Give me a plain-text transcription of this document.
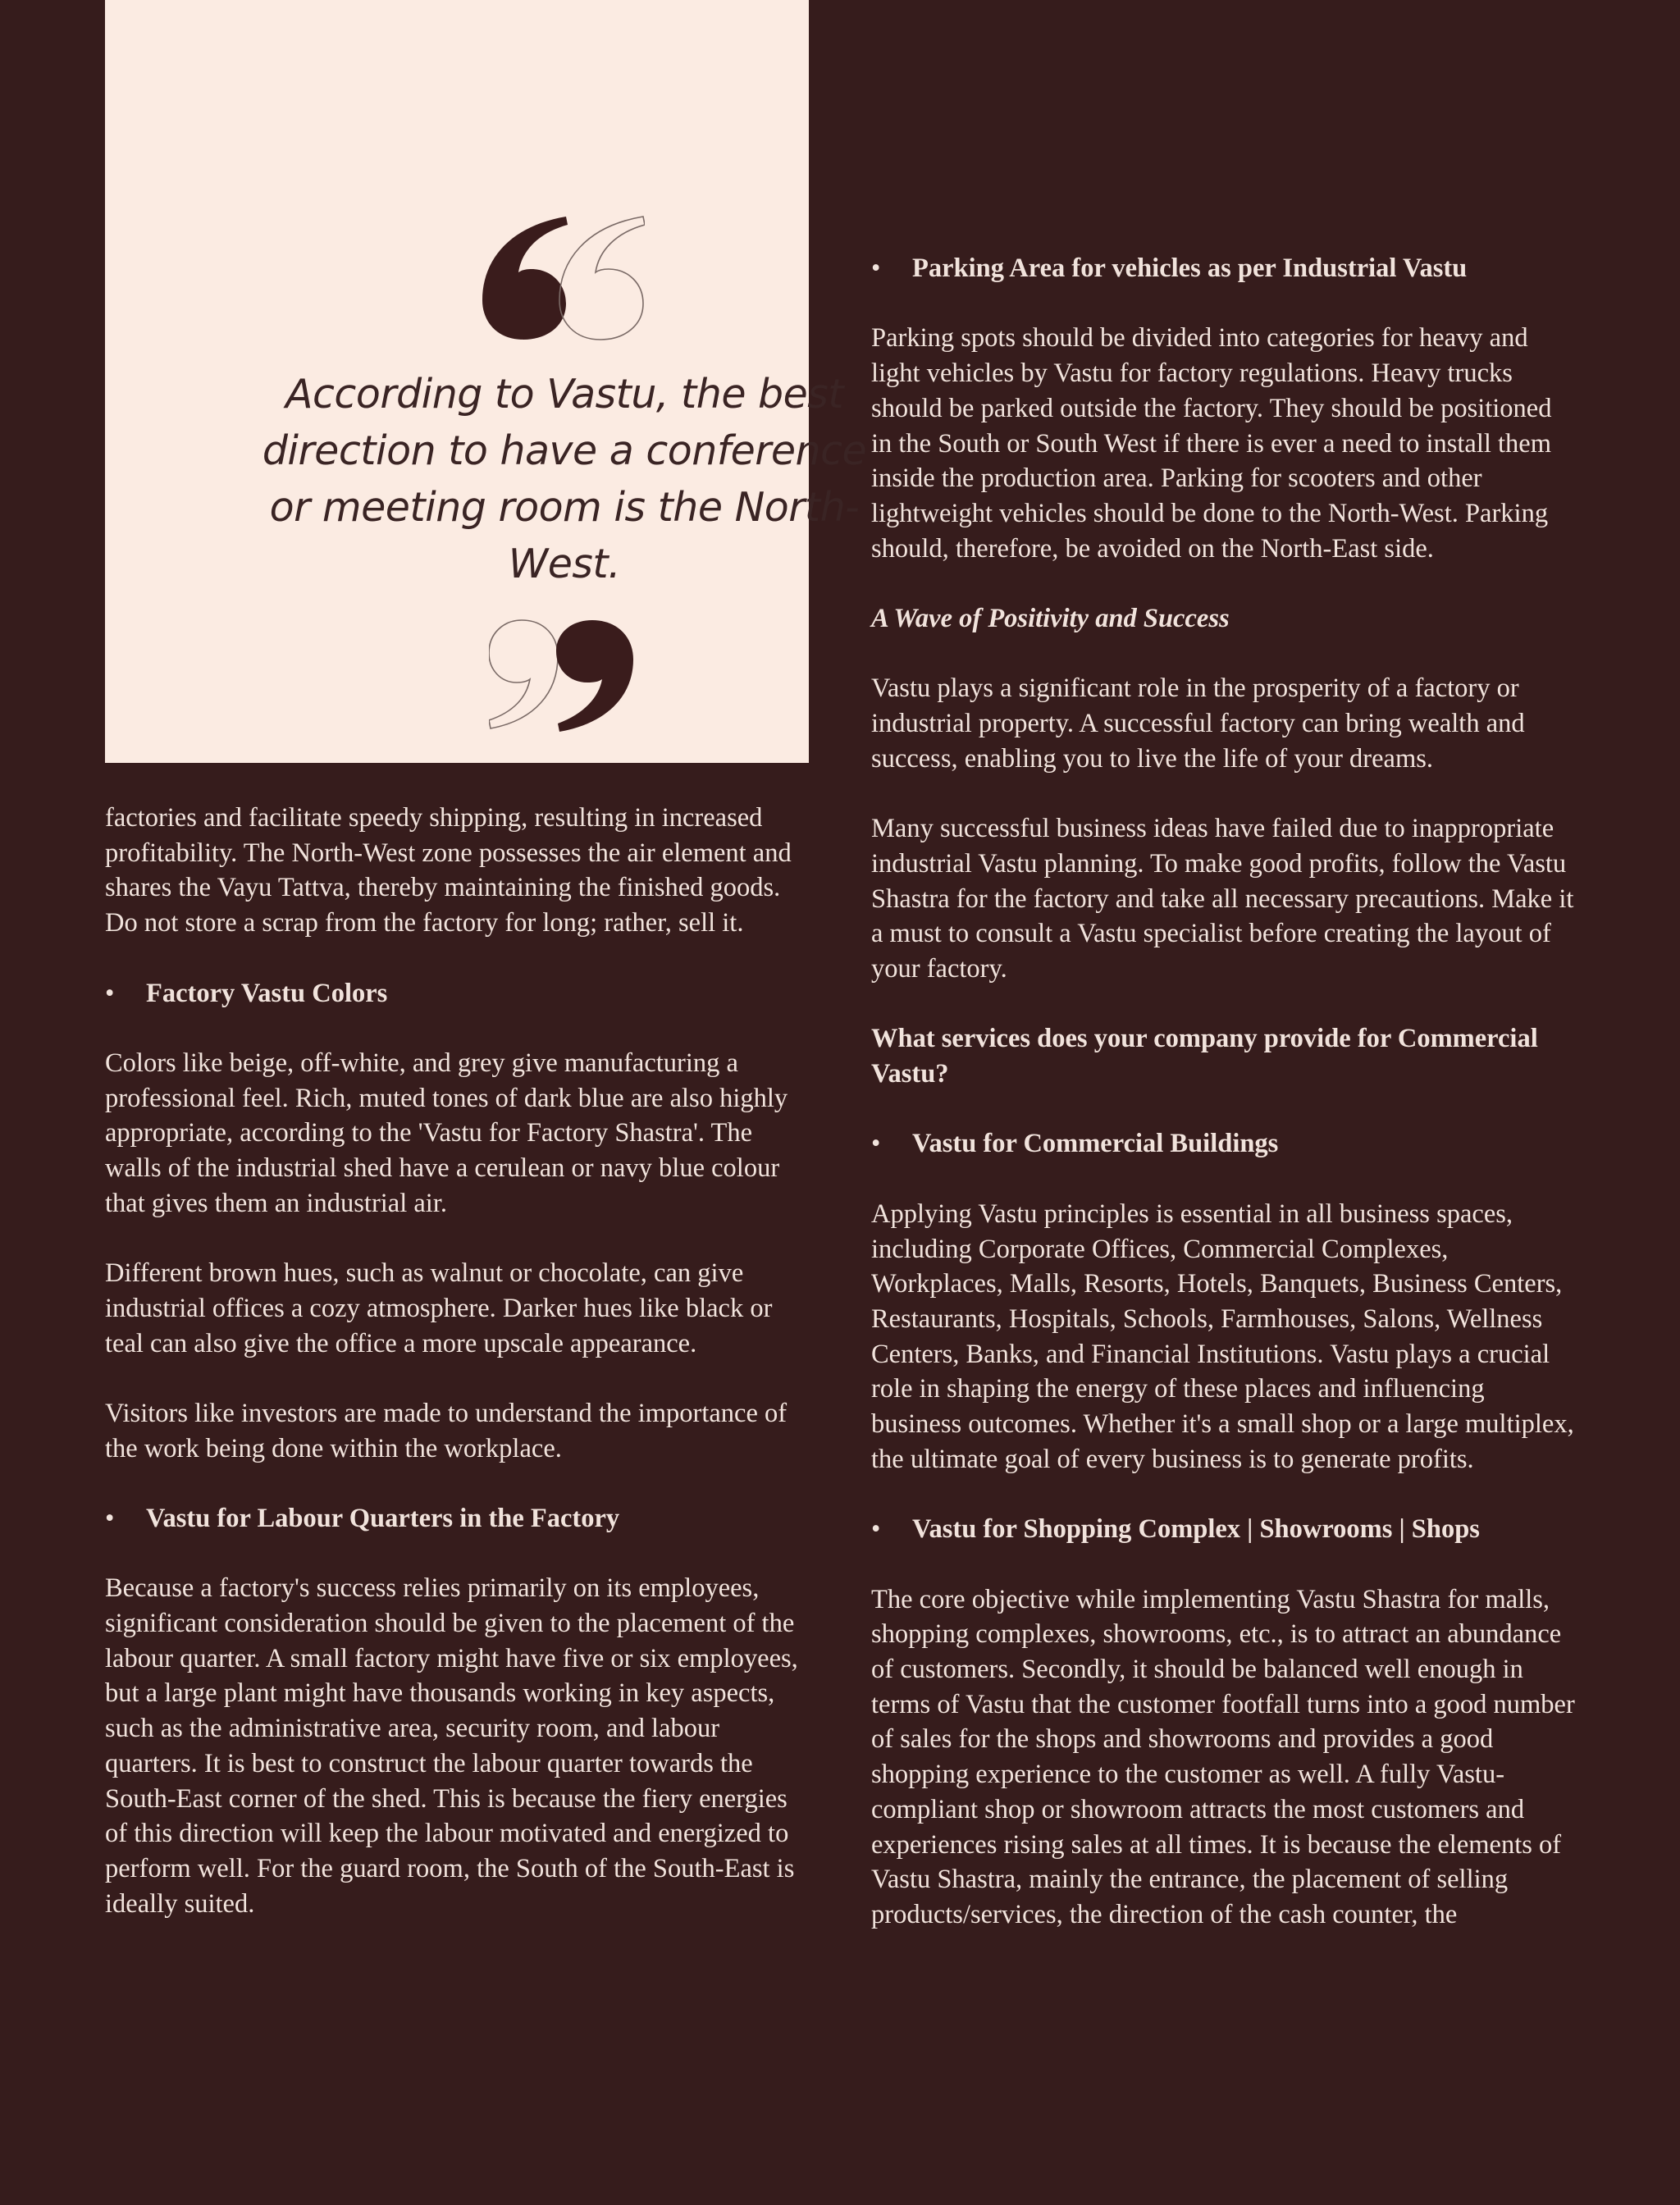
According to Vastu, the best direction to have a conference or meeting room is the North-West.

factories and facilitate speedy shipping, resulting in increased profitability. The North-West zone possesses the air element and shares the Vayu Tattva, thereby maintaining the finished goods. Do not store a scrap from the factory for long; rather, sell it.

•	Factory Vastu Colors

Colors like beige, off-white, and grey give manufacturing a professional feel. Rich, muted tones of dark blue are also highly appropriate, according to the 'Vastu for Factory Shastra'. The walls of the industrial shed have a cerulean or navy blue colour that gives them an industrial air.

Different brown hues, such as walnut or chocolate, can give industrial offices a cozy atmosphere. Darker hues like black or teal can also give the office a more upscale appearance.

Visitors like investors are made to understand the importance of the work being done within the workplace.

•	Vastu for Labour Quarters in the Factory

Because a factory's success relies primarily on its employees, significant consideration should be given to the placement of the labour quarter. A small factory might have five or six employees, but a large plant might have thousands working in key aspects, such as the administrative area, security room, and labour quarters. It is best to construct the labour quarter towards the South-East corner of the shed. This is because the fiery energies of this direction will keep the labour motivated and energized to perform well. For the guard room, the South of the South-East is ideally suited.

•	Parking Area for vehicles as per Industrial Vastu

Parking spots should be divided into categories for heavy and light vehicles by Vastu for factory regulations. Heavy trucks should be parked outside the factory. They should be positioned in the South or South West if there is ever a need to install them inside the production area. Parking for scooters and other lightweight vehicles should be done to the North-West. Parking should, therefore, be avoided on the North-East side.

A Wave of Positivity and Success

Vastu plays a significant role in the prosperity of a factory or industrial property. A successful factory can bring wealth and success, enabling you to live the life of your dreams.

Many successful business ideas have failed due to inappropriate industrial Vastu planning. To make good profits, follow the Vastu Shastra for the factory and take all necessary precautions. Make it a must to consult a Vastu specialist before creating the layout of your factory.

What services does your company provide for Commercial Vastu?

•	Vastu for Commercial Buildings

Applying Vastu principles is essential in all business spaces, including Corporate Offices, Commercial Complexes, Workplaces, Malls, Resorts, Hotels, Banquets, Business Centers, Restaurants, Hospitals, Schools, Farmhouses, Salons, Wellness Centers, Banks, and Financial Institutions. Vastu plays a crucial role in shaping the energy of these places and influencing business outcomes. Whether it's a small shop or a large multiplex, the ultimate goal of every business is to generate profits.

•	Vastu for Shopping Complex | Showrooms | Shops

The core objective while implementing Vastu Shastra for malls, shopping complexes, showrooms, etc., is to attract an abundance of customers. Secondly, it should be balanced well enough in terms of Vastu that the customer footfall turns into a good number of sales for the shops and showrooms and provides a good shopping experience to the customer as well. A fully Vastu-compliant shop or showroom attracts the most customers and experiences rising sales at all times. It is because the elements of Vastu Shastra, mainly the entrance, the placement of selling products/services, the direction of the cash counter, the
